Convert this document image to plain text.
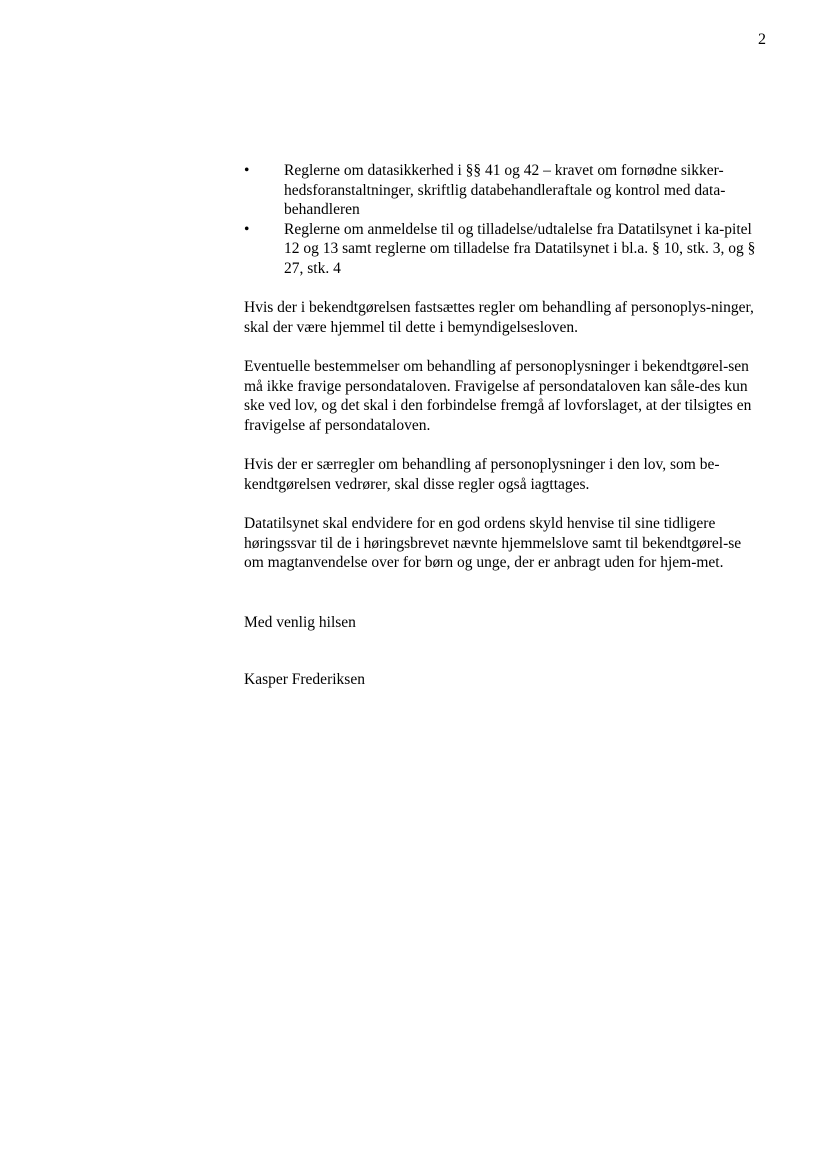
2
• Reglerne om datasikkerhed i §§ 41 og 42 – kravet om fornødne sikker-hedsforanstaltninger, skriftlig databehandleraftale og kontrol med data-behandleren
• Reglerne om anmeldelse til og tilladelse/udtalelse fra Datatilsynet i ka-pitel 12 og 13 samt reglerne om tilladelse fra Datatilsynet i bl.a. § 10, stk. 3, og § 27, stk. 4

Hvis der i bekendtgørelsen fastsættes regler om behandling af personoplys-ninger, skal der være hjemmel til dette i bemyndigelsesloven.

Eventuelle bestemmelser om behandling af personoplysninger i bekendtgørel-sen må ikke fravige persondataloven. Fravigelse af persondataloven kan såle-des kun ske ved lov, og det skal i den forbindelse fremgå af lovforslaget, at der tilsigtes en fravigelse af persondataloven.

Hvis der er særregler om behandling af personoplysninger i den lov, som be-kendtgørelsen vedrører, skal disse regler også iagttages.

Datatilsynet skal endvidere for en god ordens skyld henvise til sine tidligere høringssvar til de i høringsbrevet nævnte hjemmelslove samt til bekendtgørel-se om magtanvendelse over for børn og unge, der er anbragt uden for hjem-met.

Med venlig hilsen

Kasper Frederiksen
